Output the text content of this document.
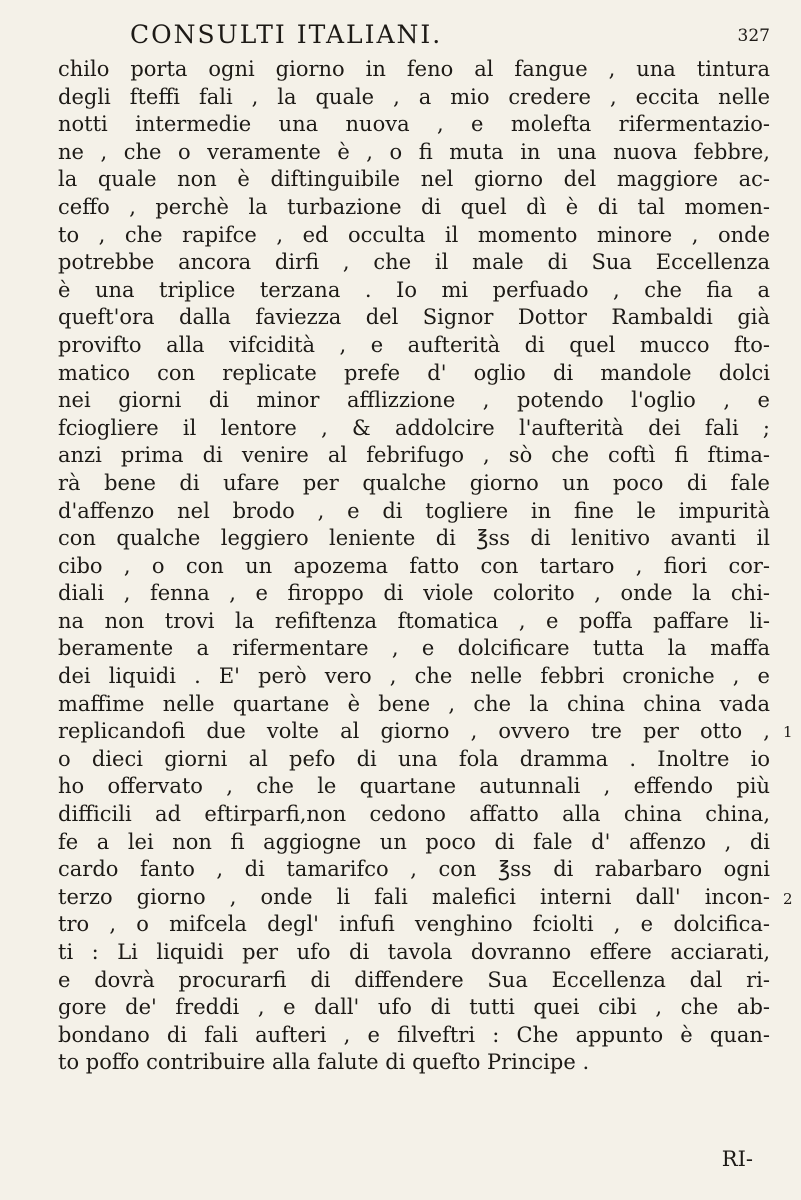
CONSULTI ITALIANI.	327
chilo porta ogni giorno in feno al fangue , una tintura
degli fteffi fali , la quale , a mio credere , eccita nelle
notti intermedie una nuova , e molefta rifermentazio-
ne , che o veramente è , o fi muta in una nuova febbre,
la quale non è diftinguibile nel giorno del maggiore ac-
ceffo , perchè la turbazione di quel dì è di tal momen-
to , che rapifce , ed occulta il momento minore , onde
potrebbe ancora dirfi , che il male di Sua Eccellenza
è una triplice terzana . Io mi perfuado , che fia a
queft'ora dalla faviezza del Signor Dottor Rambaldi già
provifto alla vifcidità , e aufterità di quel mucco fto-
matico con replicate prefe d' oglio di mandole dolci
nei giorni di minor afflizzione , potendo l'oglio , e
fciogliere il lentore , & addolcire l'aufterità dei fali ;
anzi prima di venire al febrifugo , sò che coftì fi ftima-
rà bene di ufare per qualche giorno un poco di fale
d'affenzo nel brodo , e di togliere in fine le impurità
con qualche leggiero leniente di ℥ss di lenitivo avanti il
cibo , o con un apozema fatto con tartaro , fiori cor-
diali , fenna , e firoppo di viole colorito , onde la chi-
na non trovi la refiftenza ftomatica , e poffa paffare li-
beramente a rifermentare , e dolcificare tutta la maffa
dei liquidi . E' però vero , che nelle febbri croniche , e
maffime nelle quartane è bene , che la china china vada
replicandofi due volte al giorno , ovvero tre per otto ,
o dieci giorni al pefo di una fola dramma . Inoltre io
ho offervato , che le quartane autunnali , effendo più
difficili ad eftirparfi,non cedono affatto alla china china,
fe a lei non fi aggiogne un poco di fale d' affenzo , di
cardo fanto , di tamarifco , con ℥ss di rabarbaro ogni
terzo giorno , onde li fali malefici interni dall' incon-
tro , o mifcela degl' infufi venghino fciolti , e dolcifica-
ti : Li liquidi per ufo di tavola dovranno effere acciarati,
e dovrà procurarfi di diffendere Sua Eccellenza dal ri-
gore de' freddi , e dall' ufo di tutti quei cibi , che ab-
bondano di fali aufteri , e filveftri : Che appunto è quan-
to poffo contribuire alla falute di quefto Principe .
1
2
RI-
